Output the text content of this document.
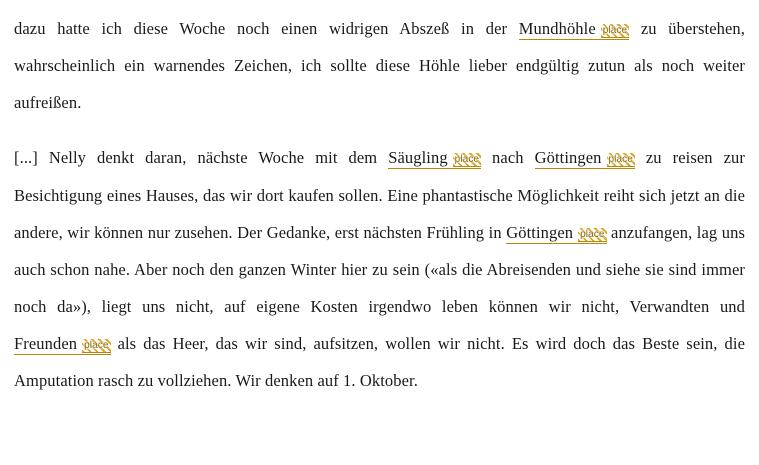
dazu hatte ich diese Woche noch einen widrigen Abszeß in der Mundhöhle place zu überstehen, wahrscheinlich ein warnendes Zeichen, ich sollte diese Höhle lieber endgültig zutun als noch weiter aufreißen.

[...] Nelly denkt daran, nächste Woche mit dem Säugling place nach Göttingen place zu reisen zur Besichtigung eines Hauses, das wir dort kaufen sollen. Eine phantastische Möglichkeit reiht sich jetzt an die andere, wir können nur zusehen. Der Gedanke, erst nächsten Frühling in Göttingen place anzufangen, lag uns auch schon nahe. Aber noch den ganzen Winter hier zu sein («als die Abreisenden und siehe sie sind immer noch da»), liegt uns nicht, auf eigene Kosten irgendwo leben können wir nicht, Verwandten und Freunden place als das Heer, das wir sind, aufsitzen, wollen wir nicht. Es wird doch das Beste sein, die Amputation rasch zu vollziehen. Wir denken auf 1. Oktober.
